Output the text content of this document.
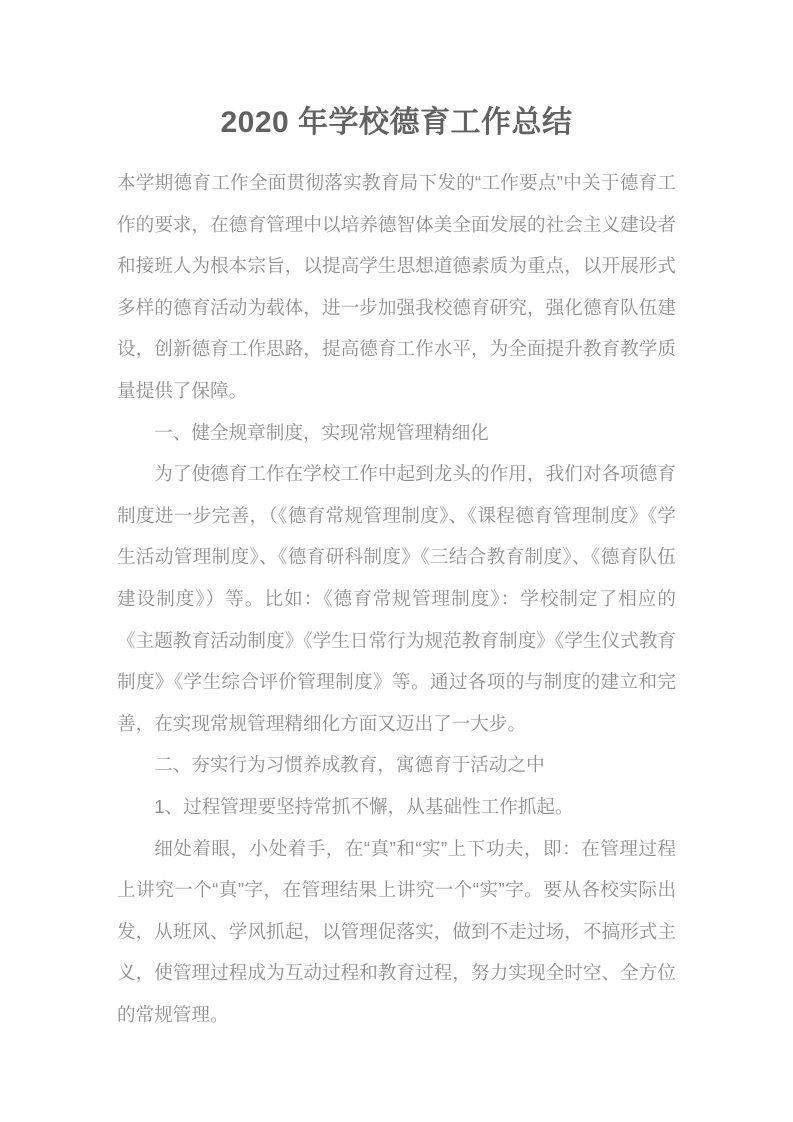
2020 年学校德育工作总结

本学期德育工作全面贯彻落实教育局下发的“工作要点”中关于德育工作的要求，在德育管理中以培养德智体美全面发展的社会主义建设者和接班人为根本宗旨，以提高学生思想道德素质为重点，以开展形式多样的德育活动为载体，进一步加强我校德育研究，强化德育队伍建设，创新德育工作思路，提高德育工作水平，为全面提升教育教学质量提供了保障。

一、健全规章制度，实现常规管理精细化

为了使德育工作在学校工作中起到龙头的作用，我们对各项德育制度进一步完善，（《德育常规管理制度》、《课程德育管理制度》《学生活动管理制度》、《德育研科制度》《三结合教育制度》、《德育队伍建设制度》）等。比如：《德育常规管理制度》：学校制定了相应的《主题教育活动制度》《学生日常行为规范教育制度》《学生仪式教育制度》《学生综合评价管理制度》等。通过各项的与制度的建立和完善，在实现常规管理精细化方面又迈出了一大步。

二、夯实行为习惯养成教育，寓德育于活动之中

1、过程管理要坚持常抓不懈，从基础性工作抓起。

细处着眼，小处着手，在“真”和“实”上下功夫，即：在管理过程上讲究一个“真”字，在管理结果上讲究一个“实”字。要从各校实际出发，从班风、学风抓起，以管理促落实，做到不走过场，不搞形式主义，使管理过程成为互动过程和教育过程，努力实现全时空、全方位的常规管理。
